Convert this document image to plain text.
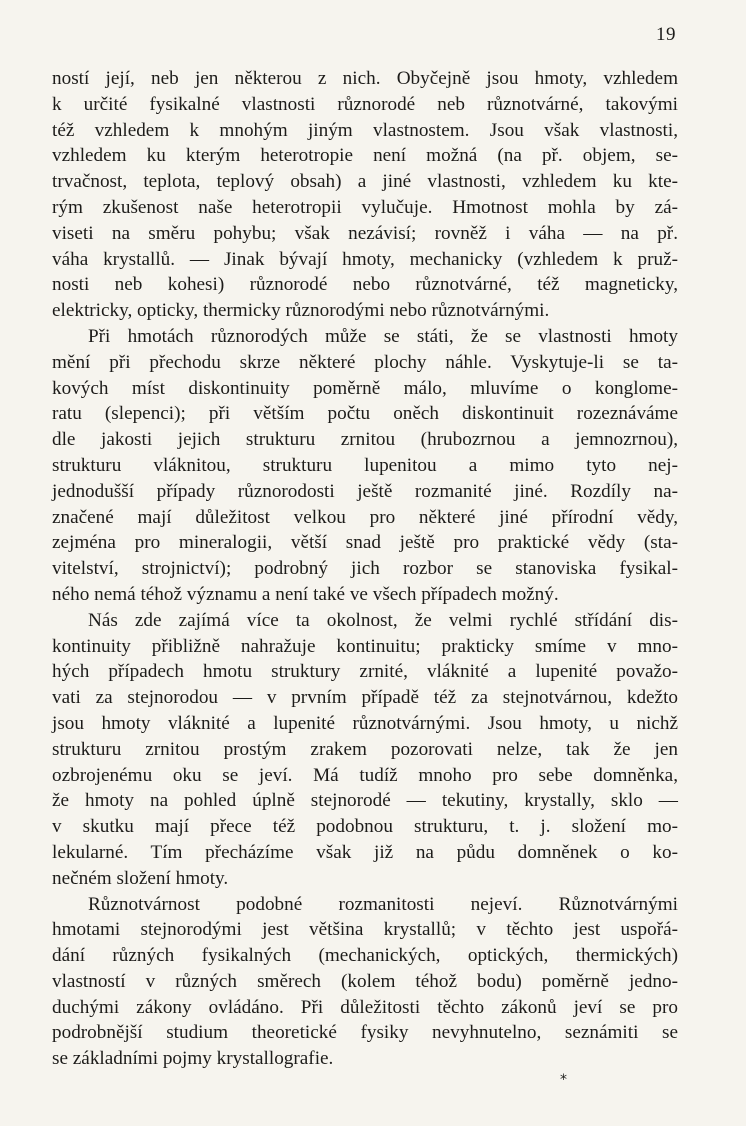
19
ností její, neb jen některou z nich. Obyčejně jsou hmoty, vzhledem
k určité fysikalné vlastnosti různorodé neb různotvárné, takovými
též vzhledem k mnohým jiným vlastnostem. Jsou však vlastnosti,
vzhledem ku kterým heterotropie není možná (na př. objem, se-
trvačnost, teplota, teplový obsah) a jiné vlastnosti, vzhledem ku kte-
rým zkušenost naše heterotropii vylučuje. Hmotnost mohla by zá-
viseti na směru pohybu; však nezávisí; rovněž i váha — na př.
váha krystallů. — Jinak bývají hmoty, mechanicky (vzhledem k pruž-
nosti neb kohesi) různorodé nebo různotvárné, též magneticky,
elektricky, opticky, thermicky různorodými nebo různotvárnými.
Při hmotách různorodých může se státi, že se vlastnosti hmoty
mění při přechodu skrze některé plochy náhle. Vyskytuje-li se ta-
kových míst diskontinuity poměrně málo, mluvíme o konglome-
ratu (slepenci); při větším počtu oněch diskontinuit rozeznáváme
dle jakosti jejich strukturu zrnitou (hrubozrnou a jemnozrnou),
strukturu vláknitou, strukturu lupenitou a mimo tyto nej-
jednodušší případy různorodosti ještě rozmanité jiné. Rozdíly na-
značené mají důležitost velkou pro některé jiné přírodní vědy,
zejména pro mineralogii, větší snad ještě pro praktické vědy (sta-
vitelství, strojnictví); podrobný jich rozbor se stanoviska fysikal-
ného nemá téhož významu a není také ve všech případech možný.
Nás zde zajímá více ta okolnost, že velmi rychlé střídání dis-
kontinuity přibližně nahražuje kontinuitu; prakticky smíme v mno-
hých případech hmotu struktury zrnité, vláknité a lupenité považo-
vati za stejnorodou — v prvním případě též za stejnotvárnou, kdežto
jsou hmoty vláknité a lupenité různotvárnými. Jsou hmoty, u nichž
strukturu zrnitou prostým zrakem pozorovati nelze, tak že jen
ozbrojenému oku se jeví. Má tudíž mnoho pro sebe domněnka,
že hmoty na pohled úplně stejnorodé — tekutiny, krystally, sklo —
v skutku mají přece též podobnou strukturu, t. j. složení mo-
lekularné. Tím přecházíme však již na půdu domněnek o ko-
nečném složení hmoty.
Různotvárnost podobné rozmanitosti nejeví. Různotvárnými
hmotami stejnorodými jest většina krystallů; v těchto jest uspořá-
dání různých fysikalných (mechanických, optických, thermických)
vlastností v různých směrech (kolem téhož bodu) poměrně jedno-
duchými zákony ovládáno. Při důležitosti těchto zákonů jeví se pro
podrobnější studium theoretické fysiky nevyhnutelno, seznámiti se
se základními pojmy krystallografie.
*
